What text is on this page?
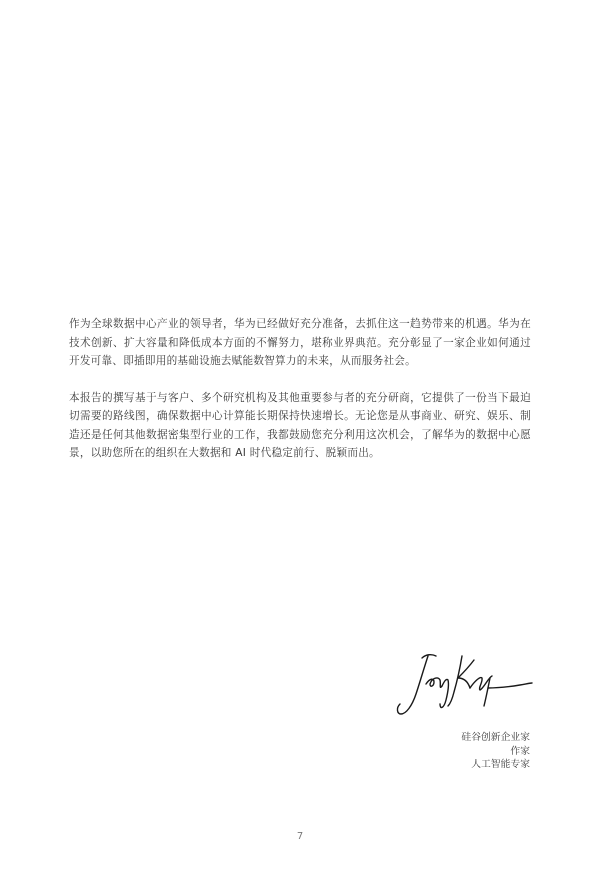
作为全球数据中心产业的领导者，华为已经做好充分准备，去抓住这一趋势带来的机遇。华为在技术创新、扩大容量和降低成本方面的不懈努力，堪称业界典范。充分彰显了一家企业如何通过开发可靠、即插即用的基础设施去赋能数智算力的未来，从而服务社会。

本报告的撰写基于与客户、多个研究机构及其他重要参与者的充分研商，它提供了一份当下最迫切需要的路线图，确保数据中心计算能长期保持快速增长。无论您是从事商业、研究、娱乐、制造还是任何其他数据密集型行业的工作，我都鼓励您充分利用这次机会，了解华为的数据中心愿景，以助您所在的组织在大数据和 AI 时代稳定前行、脱颖而出。

硅谷创新企业家
作家
人工智能专家
7
